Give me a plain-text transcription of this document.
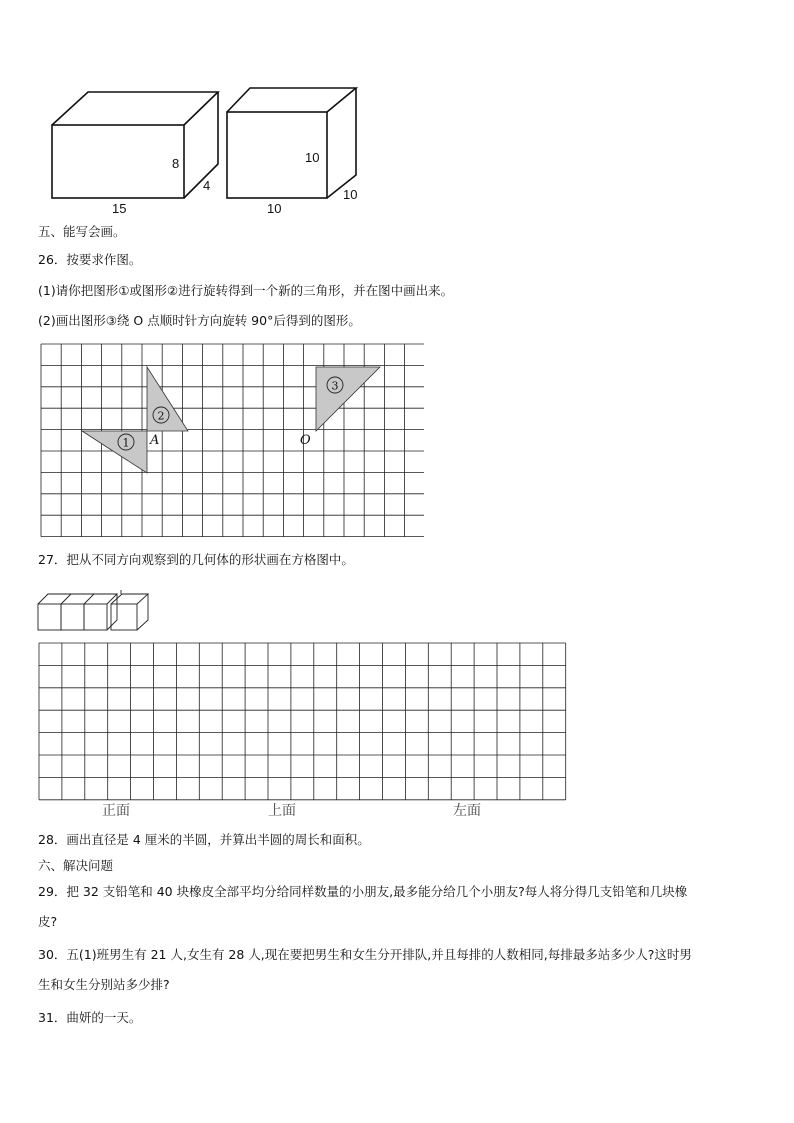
8
4
15
10
10
10
五、能写会画。
26．按要求作图。
(1)请你把图形①或图形②进行旋转得到一个新的三角形，并在图中画出来。
(2)画出图形③绕 O 点顺时针方向旋转 90°后得到的图形。
1
2
3
A	O
27．把从不同方向观察到的几何体的形状画在方格图中。
正面	上面	左面
28．画出直径是 4 厘米的半圆，并算出半圆的周长和面积。
六、解决问题
29．把 32 支铅笔和 40 块橡皮全部平均分给同样数量的小朋友,最多能分给几个小朋友?每人将分得几支铅笔和几块橡
皮?
30．五(1)班男生有 21 人,女生有 28 人,现在要把男生和女生分开排队,并且每排的人数相同,每排最多站多少人?这时男
生和女生分别站多少排?
31．曲妍的一天。
